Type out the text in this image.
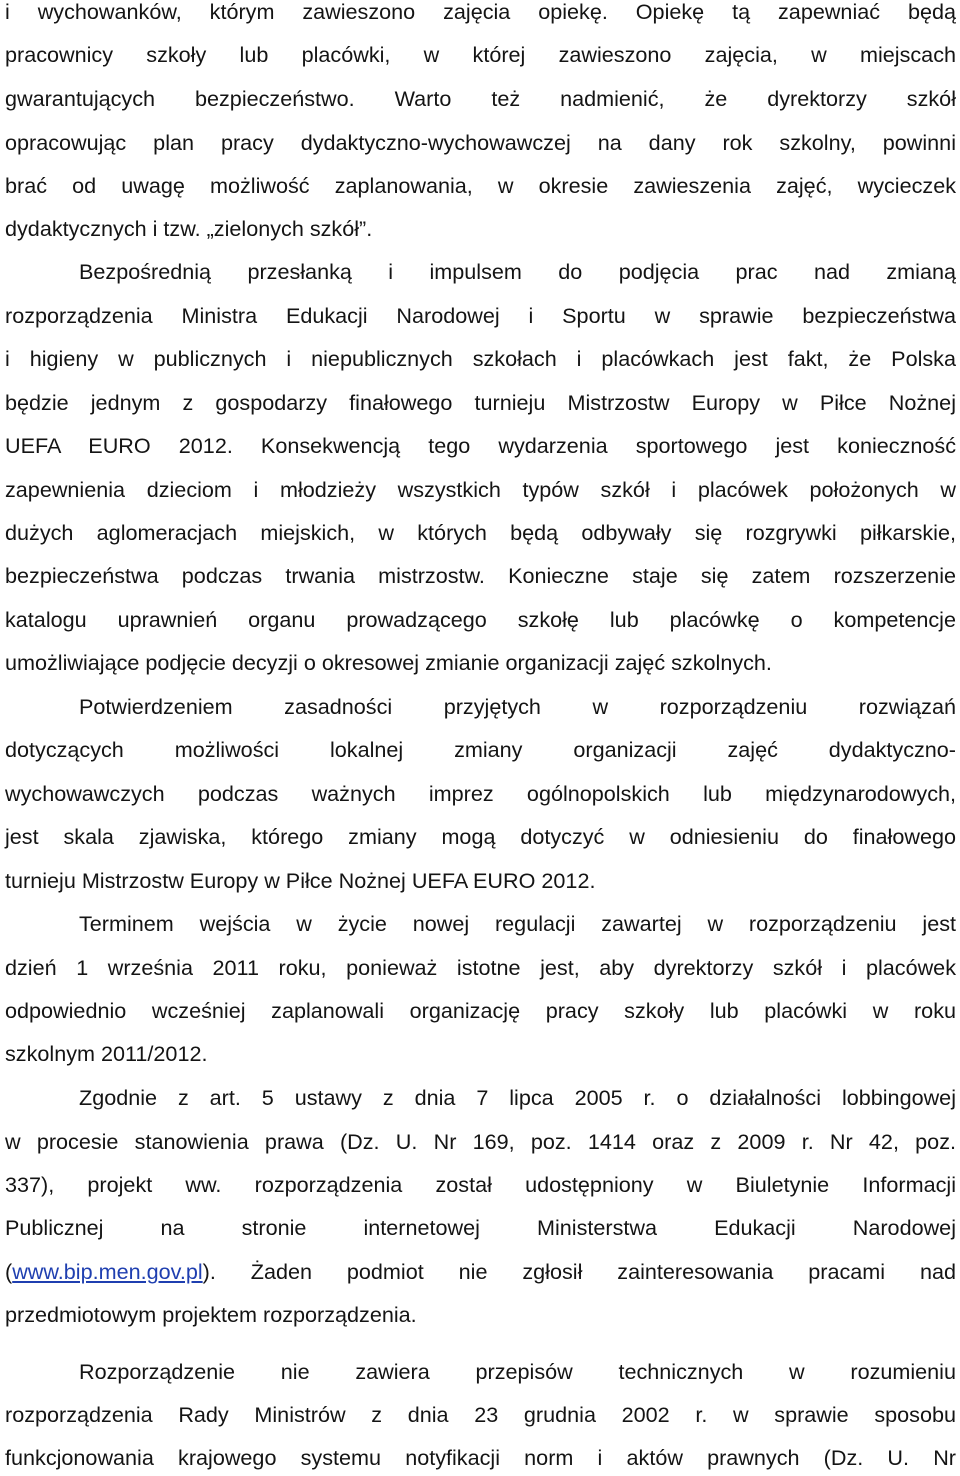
i wychowanków, którym zawieszono zajęcia opiekę. Opiekę tą zapewniać będą
pracownicy szkoły lub placówki, w której zawieszono zajęcia, w miejscach
gwarantujących bezpieczeństwo. Warto też nadmienić, że dyrektorzy szkół
opracowując plan pracy dydaktyczno-wychowawczej na dany rok szkolny, powinni
brać od uwagę możliwość zaplanowania, w okresie zawieszenia zajęć, wycieczek
dydaktycznych i tzw. „zielonych szkół”.
Bezpośrednią przesłanką i impulsem do podjęcia prac nad zmianą
rozporządzenia Ministra Edukacji Narodowej i Sportu w sprawie bezpieczeństwa
i higieny w publicznych i niepublicznych szkołach i placówkach jest fakt, że Polska
będzie jednym z gospodarzy finałowego turnieju Mistrzostw Europy w Piłce Nożnej
UEFA EURO 2012. Konsekwencją tego wydarzenia sportowego jest konieczność
zapewnienia dzieciom i młodzieży wszystkich typów szkół i placówek położonych w
dużych aglomeracjach miejskich, w których będą odbywały się rozgrywki piłkarskie,
bezpieczeństwa podczas trwania mistrzostw. Konieczne staje się zatem rozszerzenie
katalogu uprawnień organu prowadzącego szkołę lub placówkę o kompetencje
umożliwiające podjęcie decyzji o okresowej zmianie organizacji zajęć szkolnych.
Potwierdzeniem zasadności przyjętych w rozporządzeniu rozwiązań
dotyczących możliwości lokalnej zmiany organizacji zajęć dydaktyczno-
wychowawczych podczas ważnych imprez ogólnopolskich lub międzynarodowych,
jest skala zjawiska, którego zmiany mogą dotyczyć w odniesieniu do finałowego
turnieju Mistrzostw Europy w Piłce Nożnej UEFA EURO 2012.
Terminem wejścia w życie nowej regulacji zawartej w rozporządzeniu jest
dzień 1 września 2011 roku, ponieważ istotne jest, aby dyrektorzy szkół i placówek
odpowiednio wcześniej zaplanowali organizację pracy szkoły lub placówki w roku
szkolnym 2011/2012.
Zgodnie z art. 5 ustawy z dnia 7 lipca 2005 r. o działalności lobbingowej
w procesie stanowienia prawa (Dz. U. Nr 169, poz. 1414 oraz z 2009 r. Nr 42, poz.
337), projekt ww. rozporządzenia został udostępniony w Biuletynie Informacji
Publicznej na stronie internetowej Ministerstwa Edukacji Narodowej
(www.bip.men.gov.pl). Żaden podmiot nie zgłosił zainteresowania pracami nad
przedmiotowym projektem rozporządzenia.
Rozporządzenie nie zawiera przepisów technicznych w rozumieniu
rozporządzenia Rady Ministrów z dnia 23 grudnia 2002 r. w sprawie sposobu
funkcjonowania krajowego systemu notyfikacji norm i aktów prawnych (Dz. U. Nr
